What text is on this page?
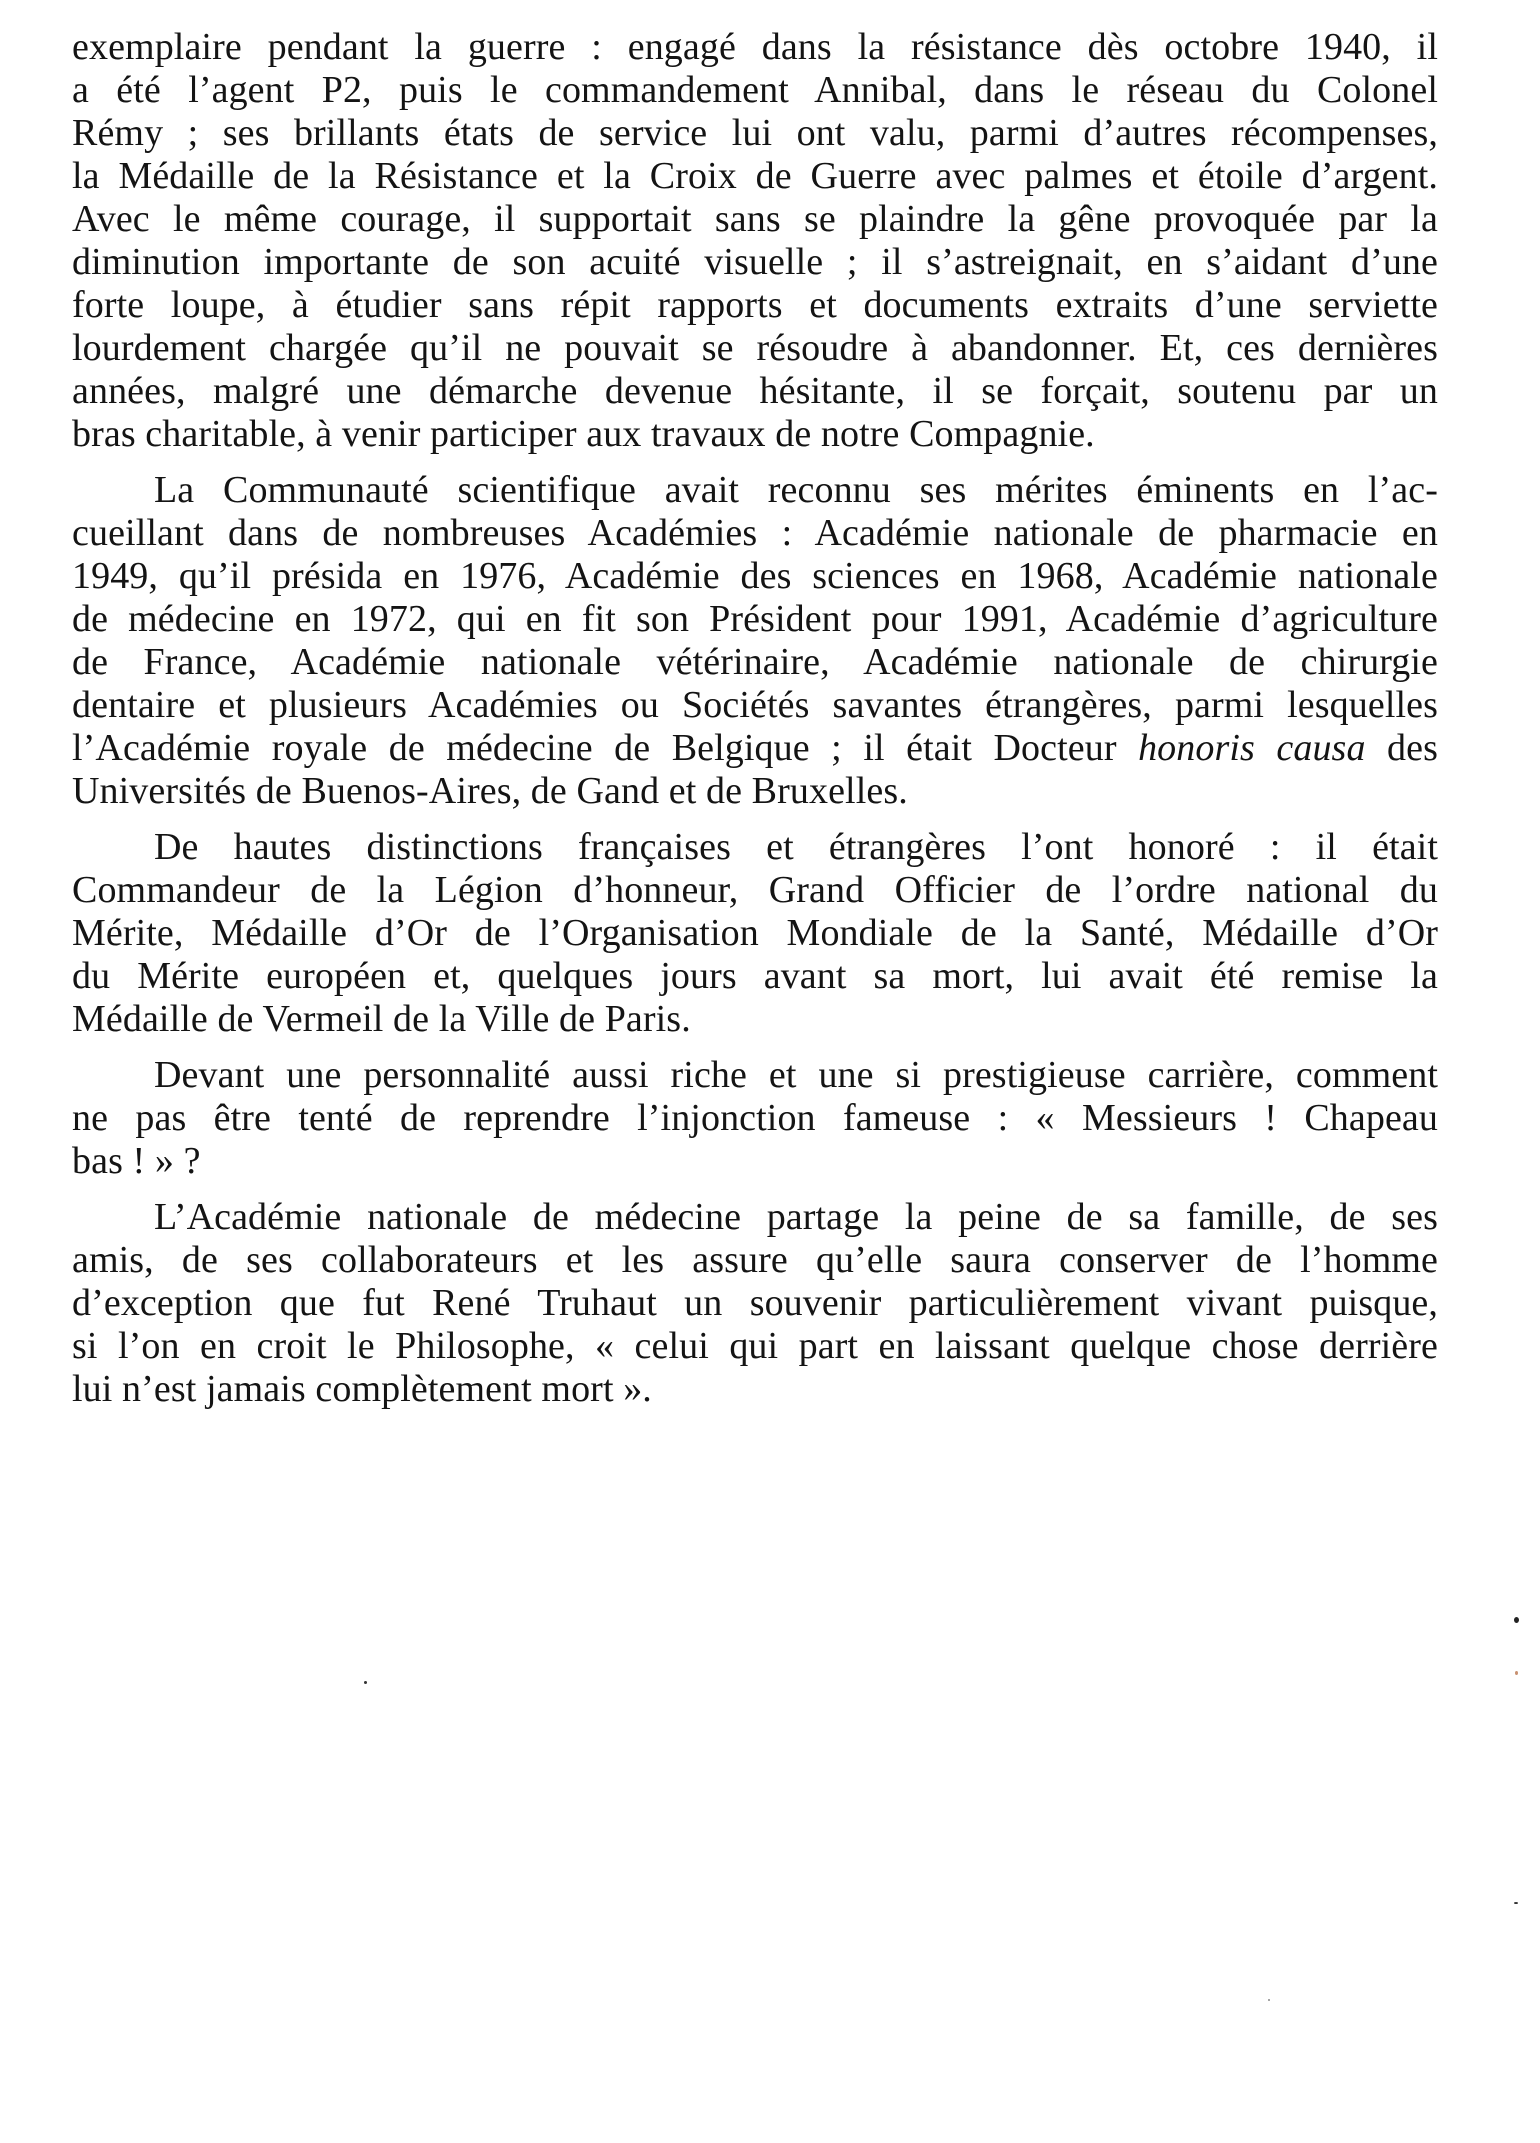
exemplaire pendant la guerre : engagé dans la résistance dès octobre 1940, il
a été l’agent P2, puis le commandement Annibal, dans le réseau du Colonel
Rémy ; ses brillants états de service lui ont valu, parmi d’autres récompenses,
la Médaille de la Résistance et la Croix de Guerre avec palmes et étoile d’argent.
Avec le même courage, il supportait sans se plaindre la gêne provoquée par la
diminution importante de son acuité visuelle ; il s’astreignait, en s’aidant d’une
forte loupe, à étudier sans répit rapports et documents extraits d’une serviette
lourdement chargée qu’il ne pouvait se résoudre à abandonner. Et, ces dernières
années, malgré une démarche devenue hésitante, il se forçait, soutenu par un
bras charitable, à venir participer aux travaux de notre Compagnie.
La Communauté scientifique avait reconnu ses mérites éminents en l’ac-
cueillant dans de nombreuses Académies : Académie nationale de pharmacie en
1949, qu’il présida en 1976, Académie des sciences en 1968, Académie nationale
de médecine en 1972, qui en fit son Président pour 1991, Académie d’agriculture
de France, Académie nationale vétérinaire, Académie nationale de chirurgie
dentaire et plusieurs Académies ou Sociétés savantes étrangères, parmi lesquelles
l’Académie royale de médecine de Belgique ; il était Docteur honoris causa des
Universités de Buenos-Aires, de Gand et de Bruxelles.
De hautes distinctions françaises et étrangères l’ont honoré : il était
Commandeur de la Légion d’honneur, Grand Officier de l’ordre national du
Mérite, Médaille d’Or de l’Organisation Mondiale de la Santé, Médaille d’Or
du Mérite européen et, quelques jours avant sa mort, lui avait été remise la
Médaille de Vermeil de la Ville de Paris.
Devant une personnalité aussi riche et une si prestigieuse carrière, comment
ne pas être tenté de reprendre l’injonction fameuse : « Messieurs ! Chapeau
bas ! » ?
L’Académie nationale de médecine partage la peine de sa famille, de ses
amis, de ses collaborateurs et les assure qu’elle saura conserver de l’homme
d’exception que fut René Truhaut un souvenir particulièrement vivant puisque,
si l’on en croit le Philosophe, « celui qui part en laissant quelque chose derrière
lui n’est jamais complètement mort ».
